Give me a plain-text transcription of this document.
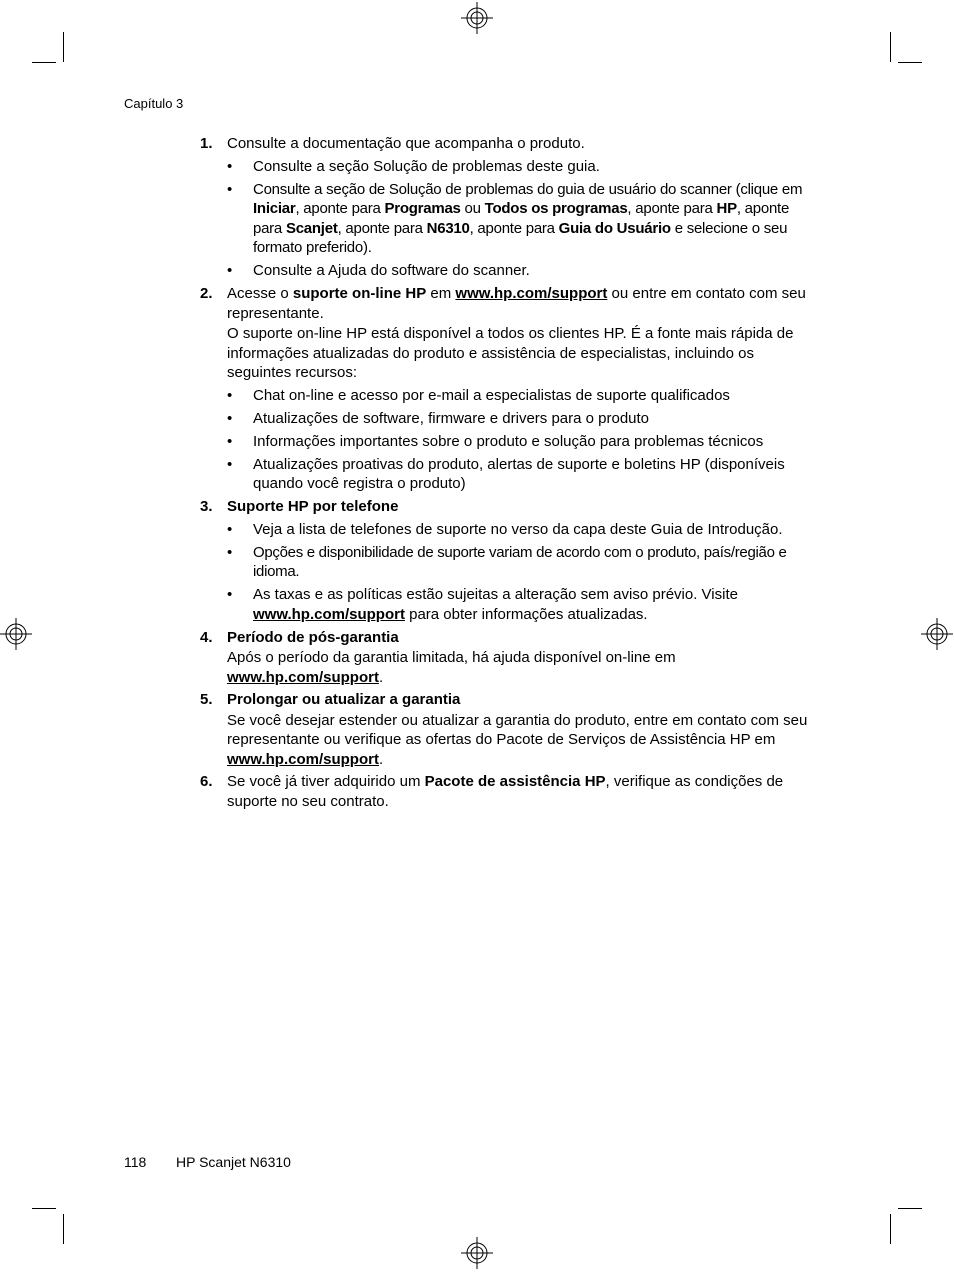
Capítulo 3
1. Consulte a documentação que acompanha o produto.

• Consulte a seção Solução de problemas deste guia.
• Consulte a seção de Solução de problemas do guia de usuário do scanner (clique em Iniciar, aponte para Programas ou Todos os programas, aponte para HP, aponte para Scanjet, aponte para N6310, aponte para Guia do Usuário e selecione o seu formato preferido).
• Consulte a Ajuda do software do scanner.
2. Acesse o suporte on-line HP em www.hp.com/support ou entre em contato com seu representante.

O suporte on-line HP está disponível a todos os clientes HP. É a fonte mais rápida de informações atualizadas do produto e assistência de especialistas, incluindo os seguintes recursos:

• Chat on-line e acesso por e-mail a especialistas de suporte qualificados
• Atualizações de software, firmware e drivers para o produto
• Informações importantes sobre o produto e solução para problemas técnicos
• Atualizações proativas do produto, alertas de suporte e boletins HP (disponíveis quando você registra o produto)
3. Suporte HP por telefone

• Veja a lista de telefones de suporte no verso da capa deste Guia de Introdução.
• Opções e disponibilidade de suporte variam de acordo com o produto, país/região e idioma.
• As taxas e as políticas estão sujeitas a alteração sem aviso prévio. Visite www.hp.com/support para obter informações atualizadas.
4. Período de pós-garantia

Após o período da garantia limitada, há ajuda disponível on-line em www.hp.com/support.

5. Prolongar ou atualizar a garantia

Se você desejar estender ou atualizar a garantia do produto, entre em contato com seu representante ou verifique as ofertas do Pacote de Serviços de Assistência HP em www.hp.com/support.

6. Se você já tiver adquirido um Pacote de assistência HP, verifique as condições de suporte no seu contrato.

118 HP Scanjet N6310
